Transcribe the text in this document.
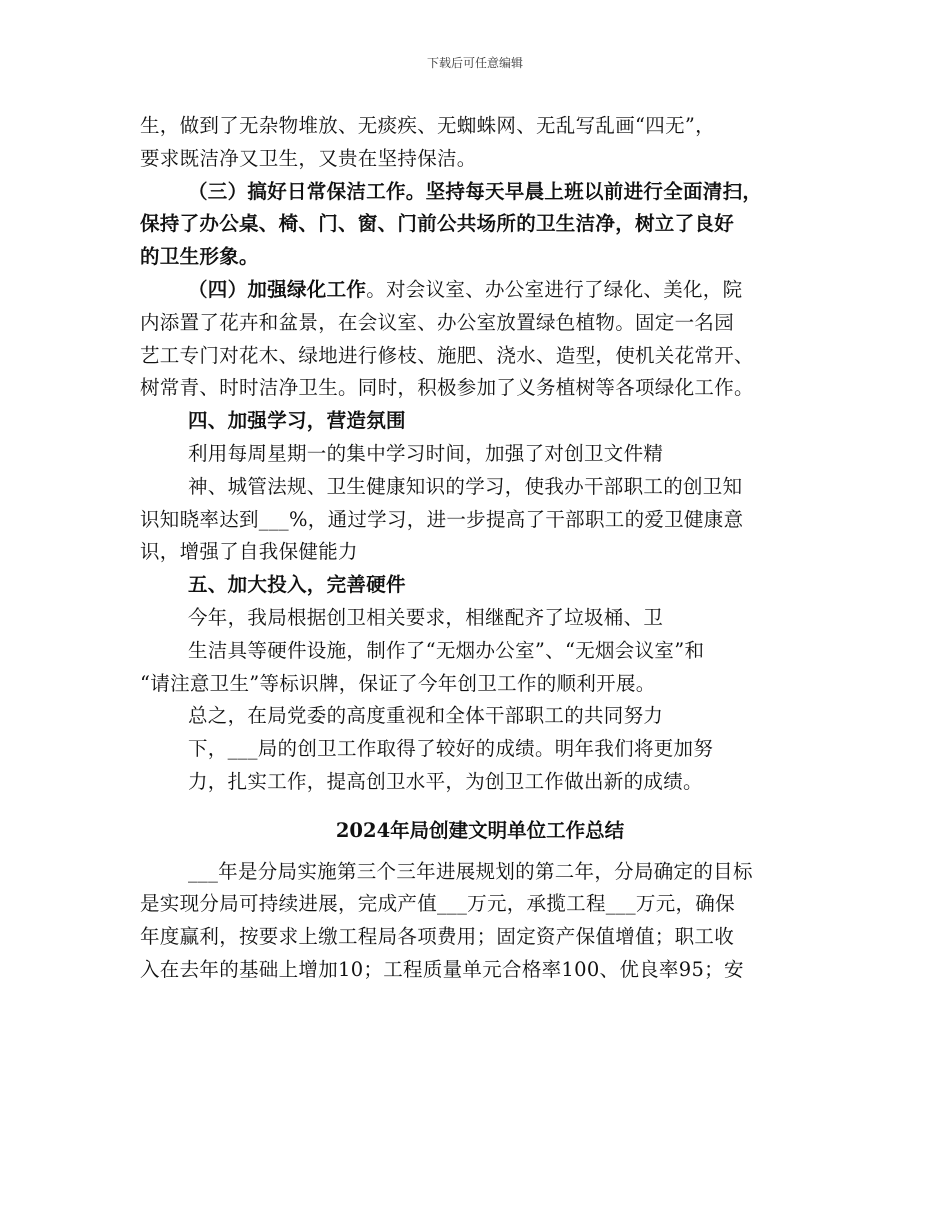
下载后可任意编辑
生，做到了无杂物堆放、无痰疾、无蜘蛛网、无乱写乱画“四无”，
要求既洁净又卫生，又贵在坚持保洁。
（三）搞好日常保洁工作。坚持每天早晨上班以前进行全面清扫，
保持了办公桌、椅、门、窗、门前公共场所的卫生洁净，树立了良好
的卫生形象。
（四）加强绿化工作。对会议室、办公室进行了绿化、美化，院
内添置了花卉和盆景，在会议室、办公室放置绿色植物。固定一名园
艺工专门对花木、绿地进行修枝、施肥、浇水、造型，使机关花常开、
树常青、时时洁净卫生。同时，积极参加了义务植树等各项绿化工作。
四、加强学习，营造氛围
利用每周星期一的集中学习时间，加强了对创卫文件精
神、城管法规、卫生健康知识的学习，使我办干部职工的创卫知
识知晓率达到___%，通过学习，进一步提高了干部职工的爱卫健康意
识，增强了自我保健能力
五、加大投入，完善硬件
今年，我局根据创卫相关要求，相继配齐了垃圾桶、卫
生洁具等硬件设施，制作了“无烟办公室”、“无烟会议室”和
“请注意卫生”等标识牌，保证了今年创卫工作的顺利开展。
总之，在局党委的高度重视和全体干部职工的共同努力
下，___局的创卫工作取得了较好的成绩。明年我们将更加努
力，扎实工作，提高创卫水平，为创卫工作做出新的成绩。
2024年局创建文明单位工作总结
___年是分局实施第三个三年进展规划的第二年，分局确定的目标
是实现分局可持续进展，完成产值___万元，承揽工程___万元，确保
年度赢利，按要求上缴工程局各项费用；固定资产保值增值；职工收
入在去年的基础上增加10；工程质量单元合格率100、优良率95；安
